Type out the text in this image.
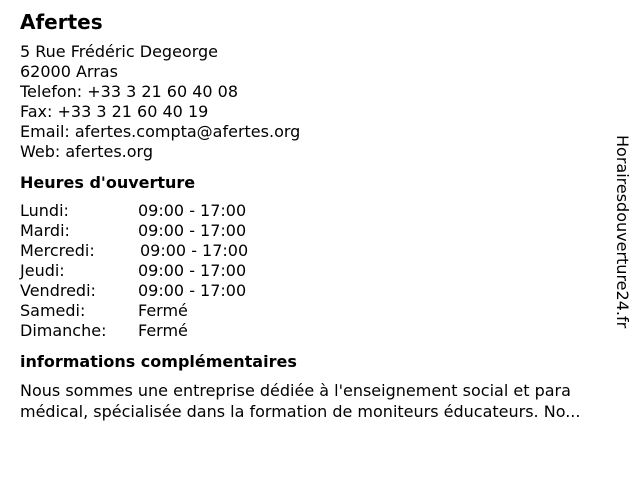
Afertes
5 Rue Frédéric Degeorge
62000 Arras
Telefon: +33 3 21 60 40 08
Fax: +33 3 21 60 40 19
Email: afertes.compta@afertes.org
Web: afertes.org
Heures d'ouverture
Lundi:	09:00 - 17:00
Mardi:	09:00 - 17:00
Mercredi:	09:00 - 17:00
Jeudi:	09:00 - 17:00
Vendredi:	09:00 - 17:00
Samedi:	Fermé
Dimanche: Fermé
informations complémentaires
Nous sommes une entreprise dédiée à l'enseignement social et para médical, spécialisée dans la formation de moniteurs éducateurs. No...
Horairesdouverture24.fr
